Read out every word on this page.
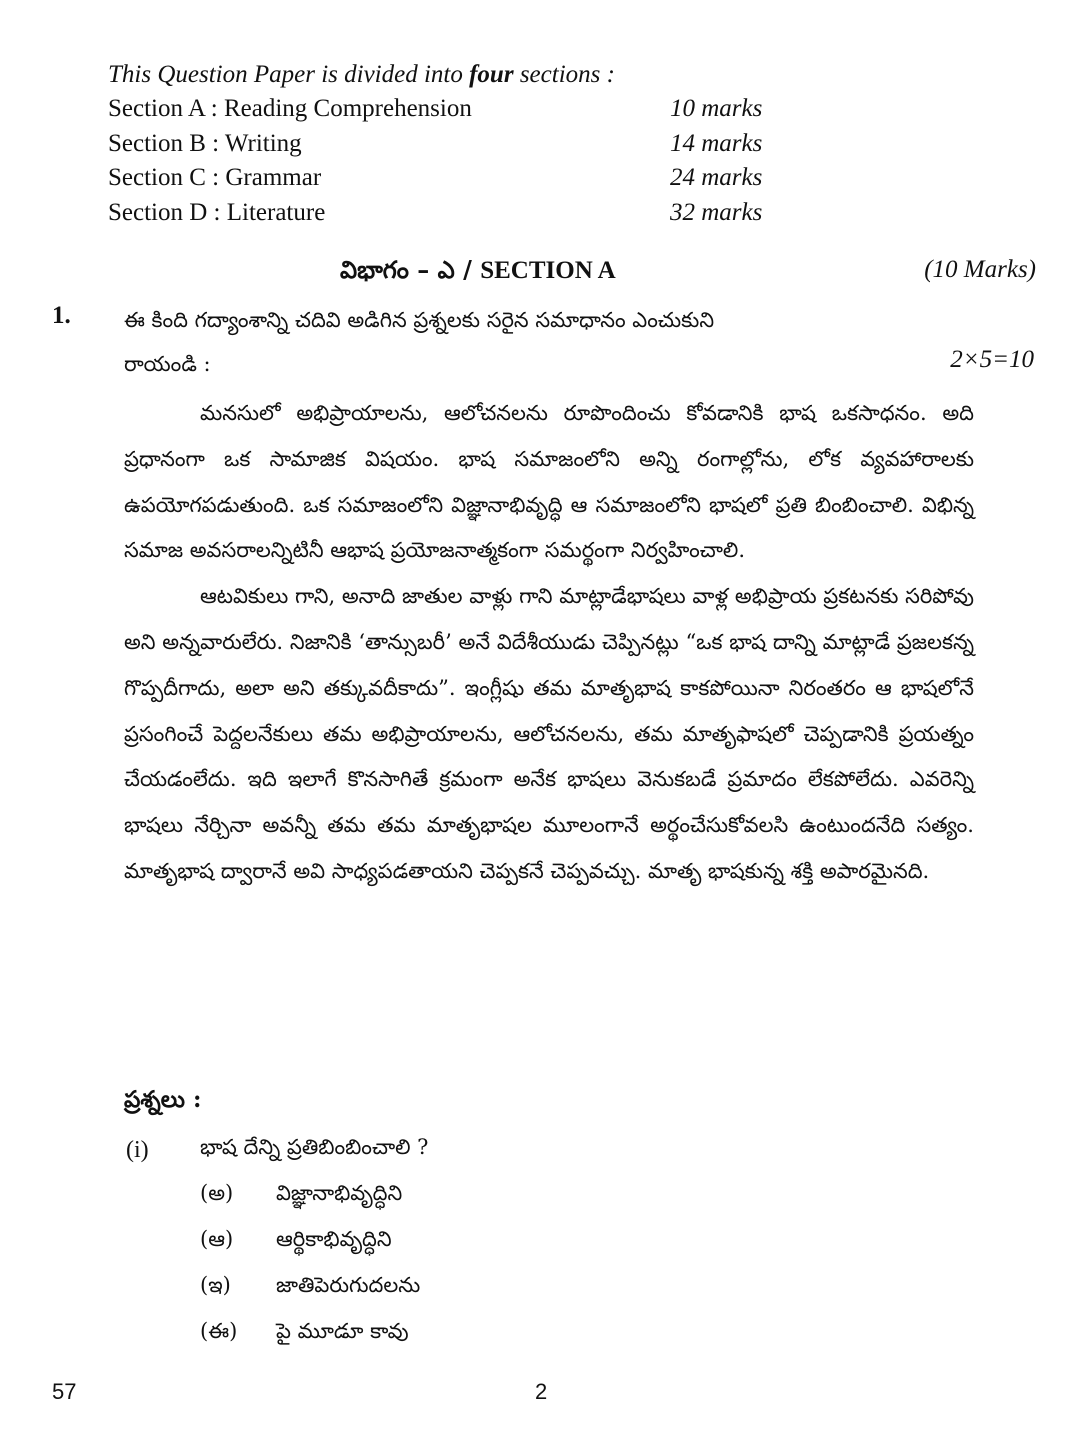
This Question Paper is divided into four sections :
Section A : Reading Comprehension	10 marks
Section B : Writing	14 marks
Section C : Grammar	24 marks
Section D : Literature	32 marks
విభాగం – ఎ / SECTION A	(10 Marks)
1.	ఈ కింది గద్యాంశాన్ని చదివి అడిగిన ప్రశ్నలకు సరైన సమాధానం ఎంచుకుని
రాయండి :	2×5=10

మనసులో అభిప్రాయాలను, ఆలోచనలను రూపొందించు కోవడానికి భాష ఒకసాధనం. అది ప్రధానంగా ఒక సామాజిక విషయం. భాష సమాజంలోని అన్ని రంగాల్లోను, లోక వ్యవహారాలకు ఉపయోగపడుతుంది. ఒక సమాజంలోని విజ్ఞానాభివృద్ధి ఆ సమాజంలోని భాషలో ప్రతి బింబించాలి. విభిన్న సమాజ అవసరాలన్నిటినీ ఆభాష ప్రయోజనాత్మకంగా సమర్థంగా నిర్వహించాలి.

ఆటవికులు గాని, అనాది జాతుల వాళ్లు గాని మాట్లాడేభాషలు వాళ్ల అభిప్రాయ ప్రకటనకు సరిపోవు అని అన్నవారులేరు. నిజానికి ‘తాన్సుబరీ’ అనే విదేశీయుడు చెప్పినట్లు “ఒక భాష దాన్ని మాట్లాడే ప్రజలకన్న గొప్పదీగాదు, అలా అని తక్కువదీకాదు”. ఇంగ్లీషు తమ మాతృభాష కాకపోయినా నిరంతరం ఆ భాషలోనే ప్రసంగించే పెద్దలనేకులు తమ అభిప్రాయాలను, ఆలోచనలను, తమ మాతృఫాషలో చెప్పడానికి ప్రయత్నం చేయడంలేదు. ఇది ఇలాగే కొనసాగితే క్రమంగా అనేక భాషలు వెనుకబడే ప్రమాదం లేకపోలేదు. ఎవరెన్ని భాషలు నేర్చినా అవన్నీ తమ తమ మాతృభాషల మూలంగానే అర్థంచేసుకోవలసి ఉంటుందనేది సత్యం. మాతృభాష ద్వారానే అవి సాధ్యపడతాయని చెప్పకనే చెప్పవచ్చు. మాతృ భాషకున్న శక్తి అపారమైనది.

ప్రశ్నలు :
(i) భాష దేన్ని ప్రతిబింబించాలి ?
(అ) విజ్ఞానాభివృద్ధిని
(ఆ) ఆర్థికాభివృద్ధిని
(ఇ) జాతిపెరుగుదలను
(ఈ) పై మూడూ కావు
57	2
